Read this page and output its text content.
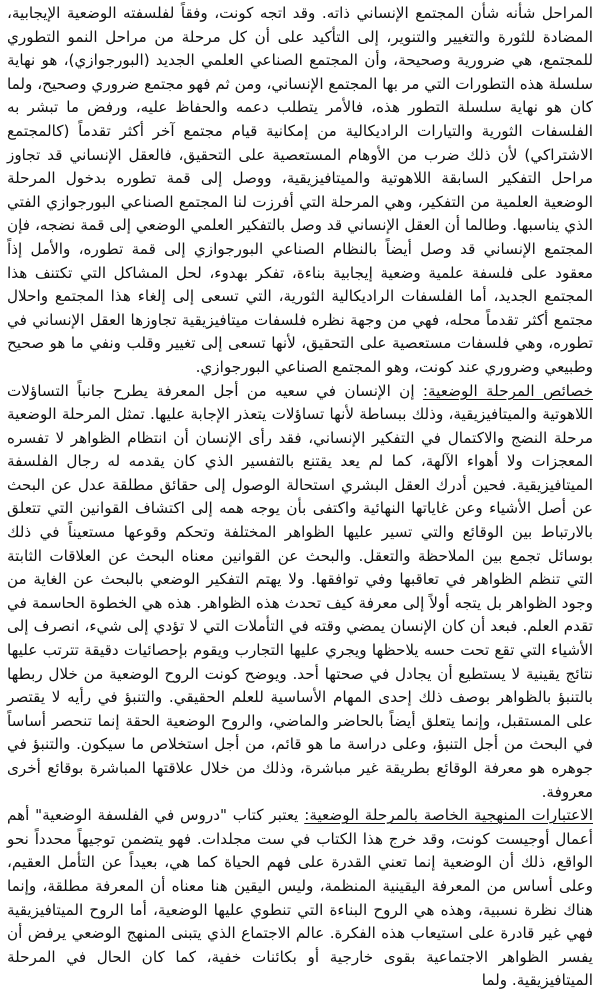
المراحل شأنه شأن المجتمع الإنساني ذاته. وقد اتجه كونت، وفقاً لفلسفته الوضعية الإيجابية، المضادة للثورة والتغيير والتنوير، إلى التأكيد على أن كل مرحلة من مراحل النمو التطوري للمجتمع، هي ضرورية وصحيحة، وأن المجتمع الصناعي العلمي الجديد (البورجوازي)، هو نهاية سلسلة هذه التطورات التي مر بها المجتمع الإنساني، ومن ثم فهو مجتمع ضروري وصحيح، ولما كان هو نهاية سلسلة التطور هذه، فالأمر يتطلب دعمه والحفاظ عليه، ورفض ما تبشر به الفلسفات الثورية والتيارات الراديكالية من إمكانية قيام مجتمع آخر أكثر تقدماً (كالمجتمع الاشتراكي) لأن ذلك ضرب من الأوهام المستعصية على التحقيق، فالعقل الإنساني قد تجاوز مراحل التفكير السابقة اللاهوتية والميتافيزيقية، ووصل إلى قمة تطوره بدخول المرحلة الوضعية العلمية من التفكير، وهي المرحلة التي أفرزت لنا المجتمع الصناعي البورجوازي الفتي الذي يناسبها. وطالما أن العقل الإنساني قد وصل بالتفكير العلمي الوضعي إلى قمة نضجه، فإن المجتمع الإنساني قد وصل أيضاً بالنظام الصناعي البورجوازي إلى قمة تطوره، والأمل إذاً معقود على فلسفة علمية وضعية إيجابية بناءة، تفكر بهدوء، لحل المشاكل التي تكتنف هذا المجتمع الجديد، أما الفلسفات الراديكالية الثورية، التي تسعى إلى إلغاء هذا المجتمع واحلال مجتمع أكثر تقدماً محله، فهي من وجهة نظره فلسفات ميتافيزيقية تجاوزها العقل الإنساني في تطوره، وهي فلسفات مستعصية على التحقيق، لأنها تسعى إلى تغيير وقلب ونفي ما هو صحيح وطبيعي وضروري عند كونت، وهو المجتمع الصناعي البورجوازي.

خصائص المرحلة الوضعية: إن الإنسان في سعيه من أجل المعرفة يطرح جانباً التساؤلات اللاهوتية والميتافيزيقية، وذلك ببساطة لأنها تساؤلات يتعذر الإجابة عليها. تمثل المرحلة الوضعية مرحلة النضج والاكتمال في التفكير الإنساني، فقد رأى الإنسان أن انتظام الظواهر لا تفسره المعجزات ولا أهواء الآلهة، كما لم يعد يقتنع بالتفسير الذي كان يقدمه له رجال الفلسفة الميتافيزيقية. فحين أدرك العقل البشري استحالة الوصول إلى حقائق مطلقة عدل عن البحث عن أصل الأشياء وعن غاياتها النهائية واكتفى بأن يوجه همه إلى اكتشاف القوانين التي تتعلق بالارتباط بين الوقائع والتي تسير عليها الظواهر المختلفة وتحكم وقوعها مستعيناً في ذلك بوسائل تجمع بين الملاحظة والتعقل. والبحث عن القوانين معناه البحث عن العلاقات الثابتة التي تنظم الظواهر في تعاقبها وفي توافقها. ولا يهتم التفكير الوضعي بالبحث عن الغاية من وجود الظواهر بل يتجه أولاً إلى معرفة كيف تحدث هذه الظواهر. هذه هي الخطوة الحاسمة في تقدم العلم. فبعد أن كان الإنسان يمضي وقته في التأملات التي لا تؤدي إلى شيء، انصرف إلى الأشياء التي تقع تحت حسه يلاحظها ويجري عليها التجارب ويقوم بإحصائيات دقيقة تترتب عليها نتائج يقينية لا يستطيع أن يجادل في صحتها أحد. ويوضح كونت الروح الوضعية من خلال ربطها بالتنبؤ بالظواهر بوصف ذلك إحدى المهام الأساسية للعلم الحقيقي. والتنبؤ في رأيه لا يقتصر على المستقبل، وإنما يتعلق أيضاً بالحاضر والماضي، والروح الوضعية الحقة إنما تنحصر أساساً في البحث من أجل التنبؤ، وعلى دراسة ما هو قائم، من أجل استخلاص ما سيكون. والتنبؤ في جوهره هو معرفة الوقائع بطريقة غير مباشرة، وذلك من خلال علاقتها المباشرة بوقائع أخرى معروفة.

الاعتبارات المنهجية الخاصة بالمرحلة الوضعية: يعتبر كتاب "دروس في الفلسفة الوضعية" أهم أعمال أوجيست كونت، وقد خرج هذا الكتاب في ست مجلدات. فهو يتضمن توجيهاً محدداً نحو الواقع، ذلك أن الوضعية إنما تعني القدرة على فهم الحياة كما هي، بعيداً عن التأمل العقيم، وعلى أساس من المعرفة اليقينية المنظمة، وليس اليقين هنا معناه أن المعرفة مطلقة، وإنما هناك نظرة نسبية، وهذه هي الروح البناءة التي تنطوي عليها الوضعية، أما الروح الميتافيزيقية فهي غير قادرة على استيعاب هذه الفكرة. عالم الاجتماع الذي يتبنى المنهج الوضعي يرفض أن يفسر الظواهر الاجتماعية بقوى خارجية أو بكائنات خفية، كما كان الحال في المرحلة الميتافيزيقية. ولما
